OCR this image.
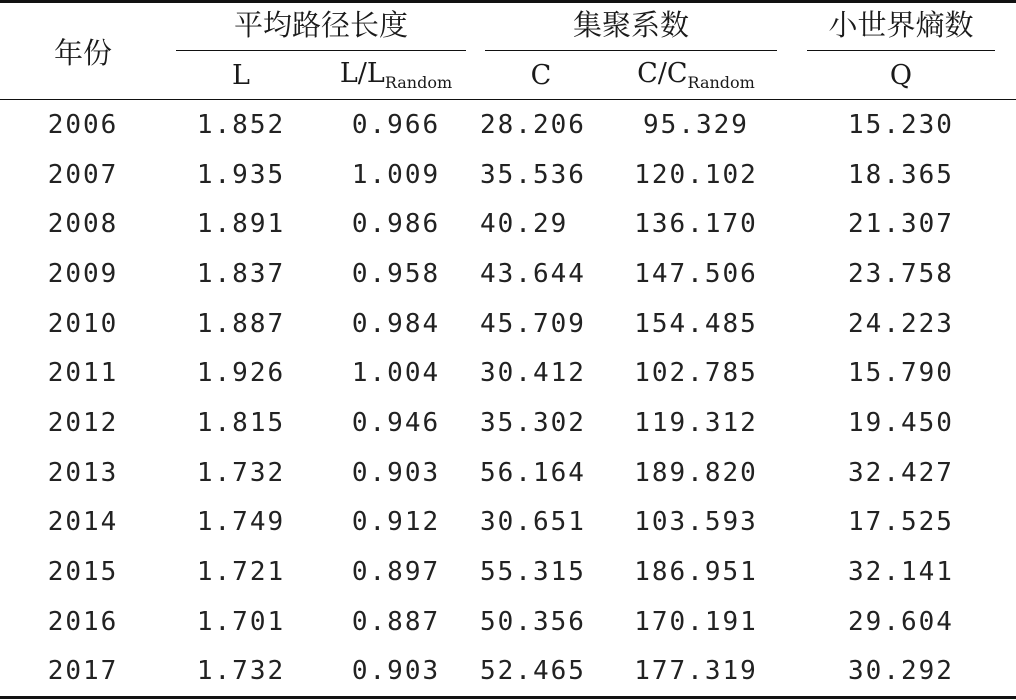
年份	平均路径长度		集聚系数		小世界熵数
	L	$L/L_{Random}$	C	$C/C_{Random}$	Q
2006	1.852	0.966	28.206	95.329	15.230
2007	1.935	1.009	35.536	120.102	18.365
2008	1.891	0.986	40.29	136.170	21.307
2009	1.837	0.958	43.644	147.506	23.758
2010	1.887	0.984	45.709	154.485	24.223
2011	1.926	1.004	30.412	102.785	15.790
2012	1.815	0.946	35.302	119.312	19.450
2013	1.732	0.903	56.164	189.820	32.427
2014	1.749	0.912	30.651	103.593	17.525
2015	1.721	0.897	55.315	186.951	32.141
2016	1.701	0.887	50.356	170.191	29.604
2017	1.732	0.903	52.465	177.319	30.292
